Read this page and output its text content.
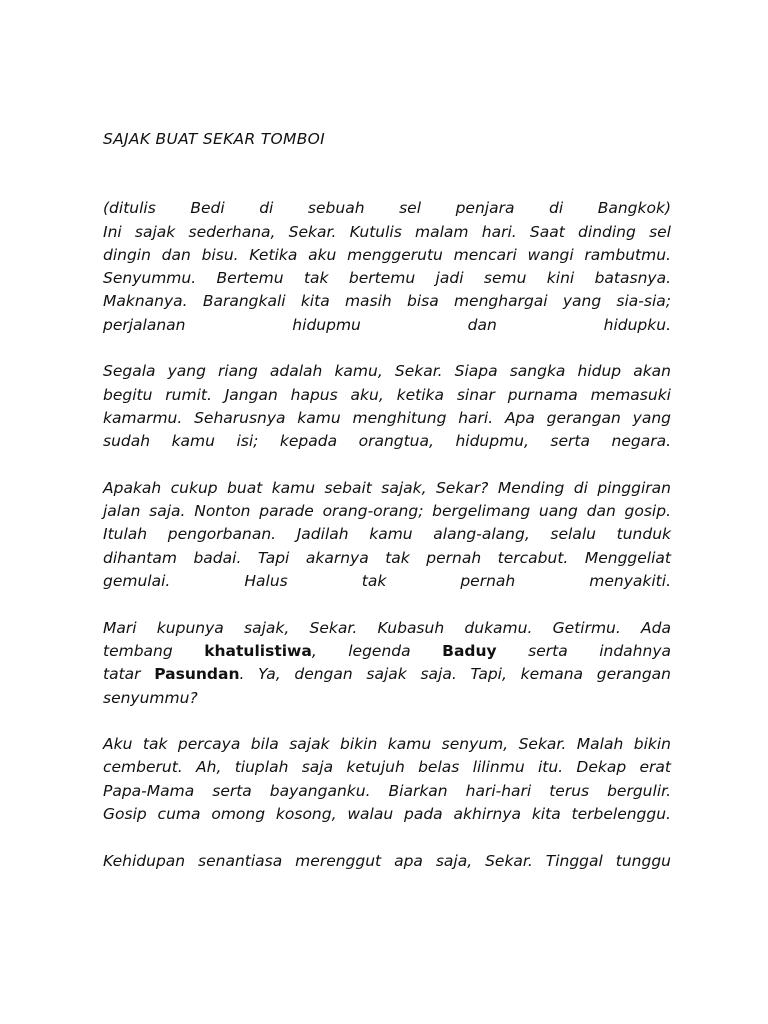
SAJAK BUAT SEKAR TOMBOI
(ditulis Bedi di sebuah sel penjara di Bangkok)
Ini sajak sederhana, Sekar. Kutulis malam hari. Saat dinding sel
dingin dan bisu. Ketika aku menggerutu mencari wangi rambutmu.
Senyummu. Bertemu tak bertemu jadi semu kini batasnya.
Maknanya. Barangkali kita masih bisa menghargai yang sia-sia;
perjalanan hidupmu dan hidupku.
Segala yang riang adalah kamu, Sekar. Siapa sangka hidup akan
begitu rumit. Jangan hapus aku, ketika sinar purnama memasuki
kamarmu. Seharusnya kamu menghitung hari. Apa gerangan yang
sudah kamu isi; kepada orangtua, hidupmu, serta negara.
Apakah cukup buat kamu sebait sajak, Sekar? Mending di pinggiran
jalan saja. Nonton parade orang-orang; bergelimang uang dan gosip.
Itulah pengorbanan. Jadilah kamu alang-alang, selalu tunduk
dihantam badai. Tapi akarnya tak pernah tercabut. Menggeliat
gemulai. Halus tak pernah menyakiti.
Mari kupunya sajak, Sekar. Kubasuh dukamu. Getirmu. Ada
tembang khatulistiwa, legenda Baduy serta indahnya
tatar Pasundan. Ya, dengan sajak saja. Tapi, kemana gerangan
senyummu?
Aku tak percaya bila sajak bikin kamu senyum, Sekar. Malah bikin
cemberut. Ah, tiuplah saja ketujuh belas lilinmu itu. Dekap erat
Papa-Mama serta bayanganku. Biarkan hari-hari terus bergulir.
Gosip cuma omong kosong, walau pada akhirnya kita terbelenggu.
Kehidupan senantiasa merenggut apa saja, Sekar. Tinggal tunggu
